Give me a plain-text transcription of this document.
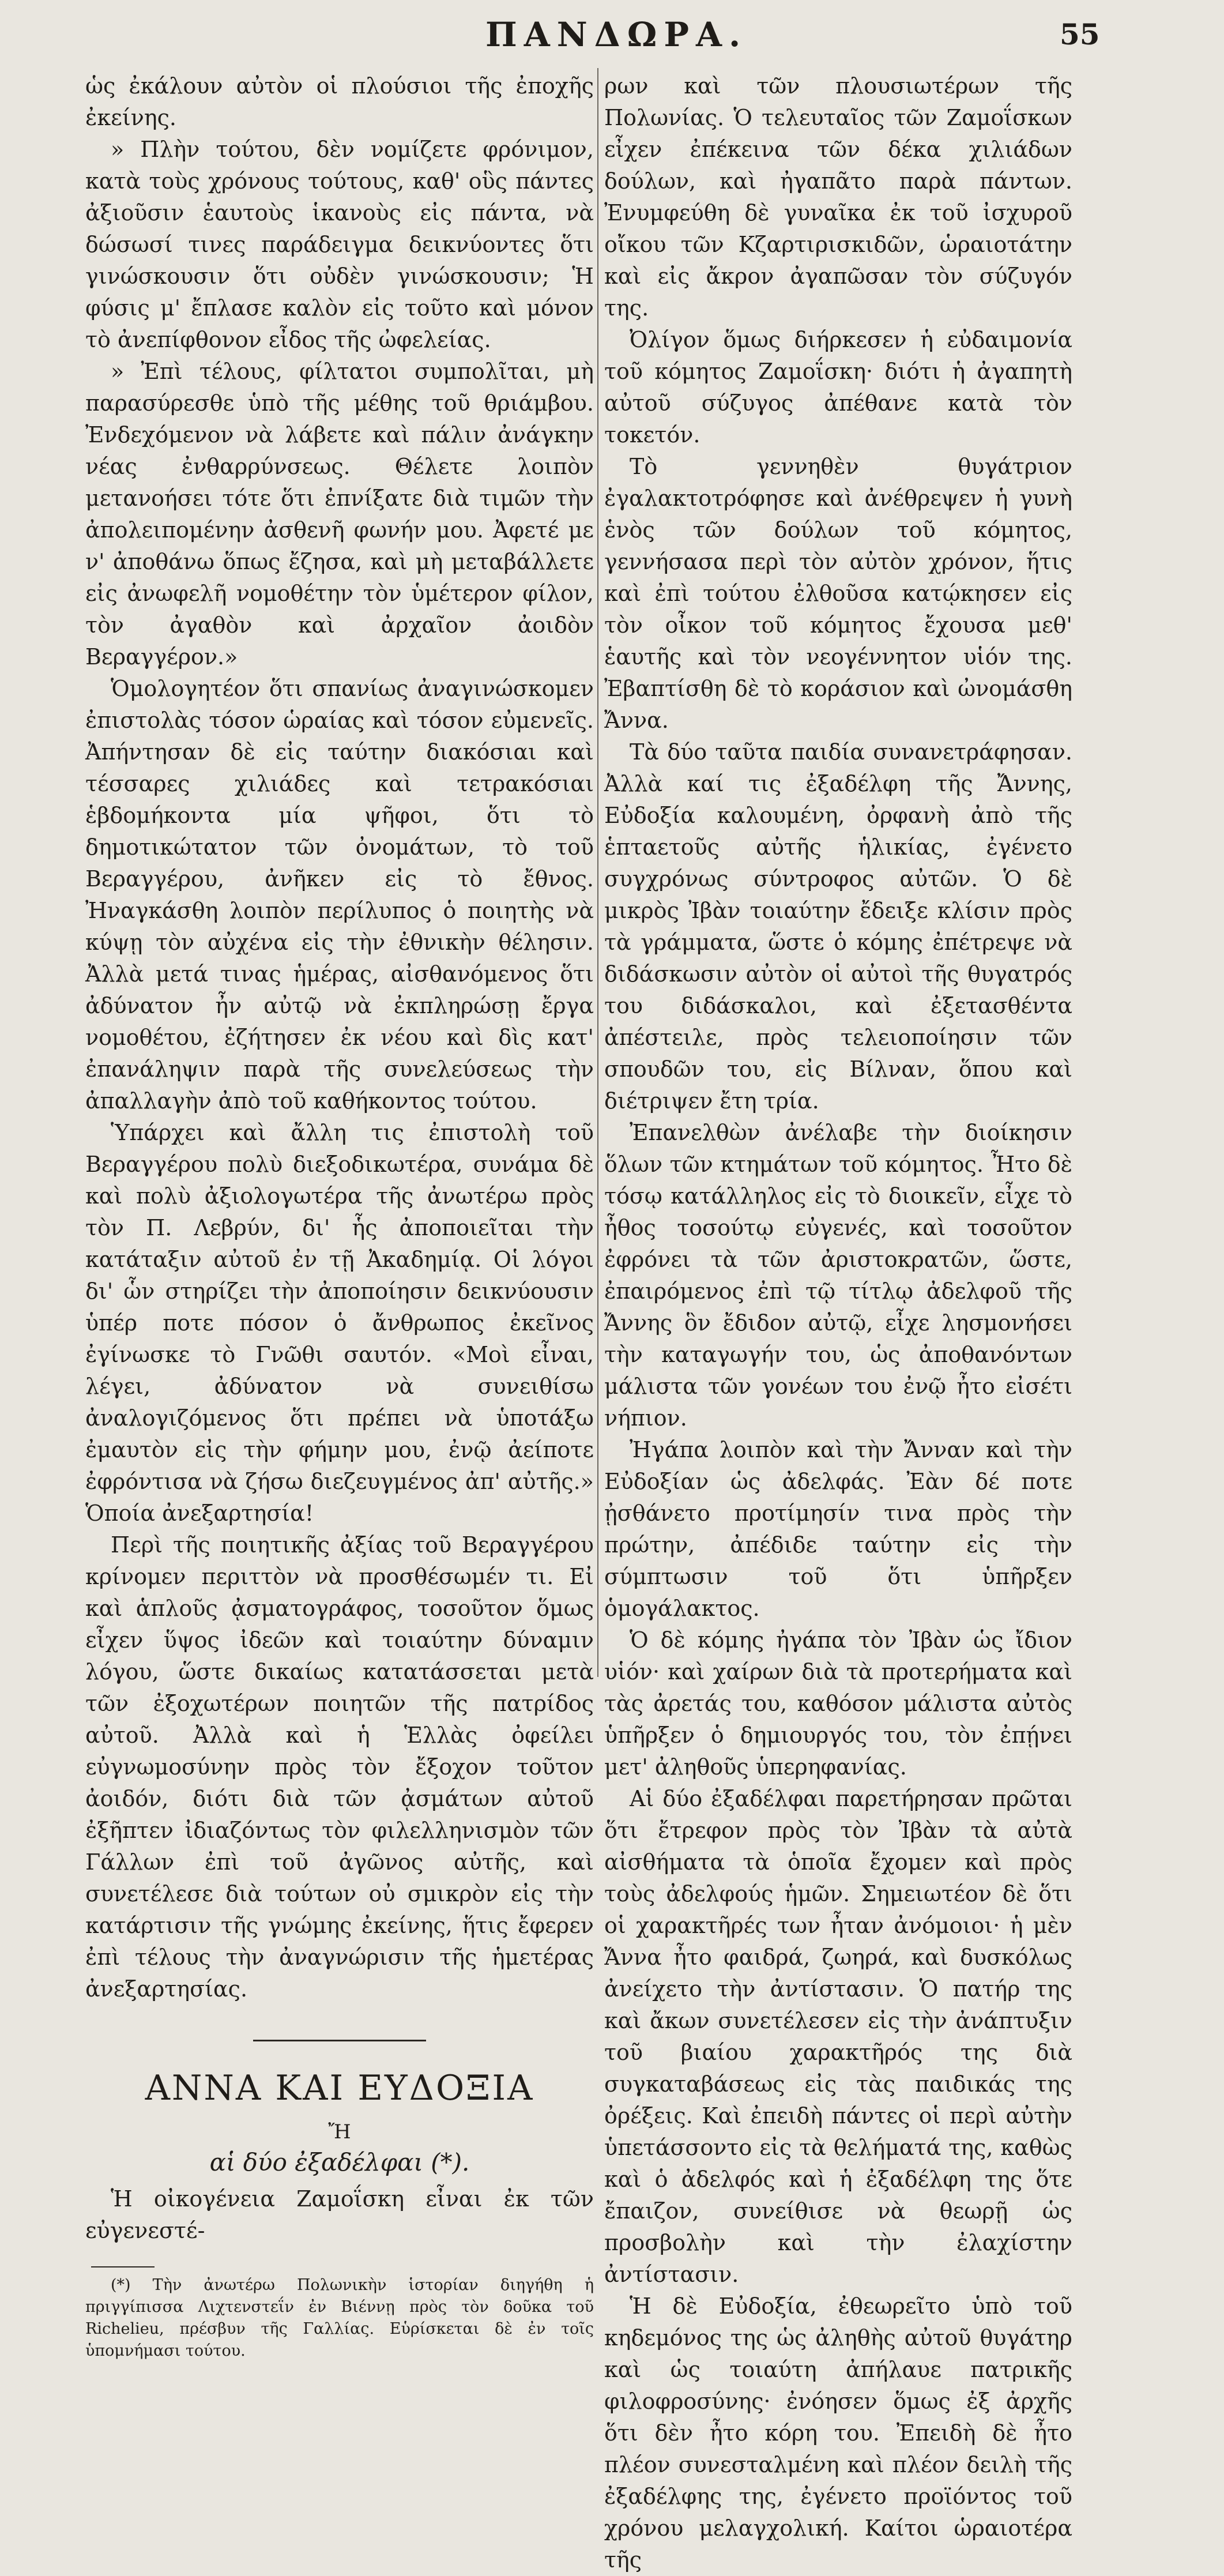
ΠΑΝΔΩΡΑ.	55

ὡς ἐκάλουν αὐτὸν οἱ πλούσιοι τῆς ἐποχῆς ἐκείνης.

» Πλὴν τούτου, δὲν νομίζετε φρόνιμον, κατὰ τοὺς χρόνους τούτους, καθ' οὓς πάντες ἀξιοῦσιν ἑαυτοὺς ἱκανοὺς εἰς πάντα, νὰ δώσωσί τινες παράδειγμα δεικνύοντες ὅτι γινώσκουσιν ὅτι οὐδὲν γινώσκουσιν; Ἡ φύσις μ' ἔπλασε καλὸν εἰς τοῦτο καὶ μόνον τὸ ἀνεπίφθονον εἶδος τῆς ὠφελείας.

» Ἐπὶ τέλους, φίλτατοι συμπολῖται, μὴ παρασύρεσθε ὑπὸ τῆς μέθης τοῦ θριάμβου. Ἐνδεχόμενον νὰ λάβετε καὶ πάλιν ἀνάγκην νέας ἐνθαρρύνσεως. Θέλετε λοιπὸν μετανοήσει τότε ὅτι ἐπνίξατε διὰ τιμῶν τὴν ἀπολειπομένην ἀσθενῆ φωνήν μου. Ἀφετέ με ν' ἀποθάνω ὅπως ἔζησα, καὶ μὴ μεταβάλλετε εἰς ἀνωφελῆ νομοθέτην τὸν ὑμέτερον φίλον, τὸν ἀγαθὸν καὶ ἀρχαῖον ἀοιδὸν Βεραγγέρον.»

Ὁμολογητέον ὅτι σπανίως ἀναγινώσκομεν ἐπιστολὰς τόσον ὡραίας καὶ τόσον εὐμενεῖς. Ἀπήντησαν δὲ εἰς ταύτην διακόσιαι καὶ τέσσαρες χιλιάδες καὶ τετρακόσιαι ἑβδομήκοντα μία ψῆφοι, ὅτι τὸ δημοτικώτατον τῶν ὀνομάτων, τὸ τοῦ Βεραγγέρου, ἀνῆκεν εἰς τὸ ἔθνος. Ἠναγκάσθη λοιπὸν περίλυπος ὁ ποιητὴς νὰ κύψῃ τὸν αὐχένα εἰς τὴν ἐθνικὴν θέλησιν. Ἀλλὰ μετά τινας ἡμέρας, αἰσθανόμενος ὅτι ἀδύνατον ἦν αὐτῷ νὰ ἐκπληρώσῃ ἔργα νομοθέτου, ἐζήτησεν ἐκ νέου καὶ δὶς κατ' ἐπανάληψιν παρὰ τῆς συνελεύσεως τὴν ἀπαλλαγὴν ἀπὸ τοῦ καθήκοντος τούτου.

Ὑπάρχει καὶ ἄλλη τις ἐπιστολὴ τοῦ Βεραγγέρου πολὺ διεξοδικωτέρα, συνάμα δὲ καὶ πολὺ ἀξιολογωτέρα τῆς ἀνωτέρω πρὸς τὸν Π. Λεβρύν, δι' ἧς ἀποποιεῖται τὴν κατάταξιν αὐτοῦ ἐν τῇ Ἀκαδημίᾳ. Οἱ λόγοι δι' ὧν στηρίζει τὴν ἀποποίησιν δεικνύουσιν ὑπέρ ποτε πόσον ὁ ἄνθρωπος ἐκεῖνος ἐγίνωσκε τὸ Γνῶθι σαυτόν. «Μοὶ εἶναι, λέγει, ἀδύνατον νὰ συνειθίσω ἀναλογιζόμενος ὅτι πρέπει νὰ ὑποτάξω ἐμαυτὸν εἰς τὴν φήμην μου, ἐνῷ ἀείποτε ἐφρόντισα νὰ ζήσω διεζευγμένος ἀπ' αὐτῆς.» Ὁποία ἀνεξαρτησία!

Περὶ τῆς ποιητικῆς ἀξίας τοῦ Βεραγγέρου κρίνομεν περιττὸν νὰ προσθέσωμέν τι. Εἰ καὶ ἁπλοῦς ᾀσματογράφος, τοσοῦτον ὅμως εἶχεν ὕψος ἰδεῶν καὶ τοιαύτην δύναμιν λόγου, ὥστε δικαίως κατατάσσεται μετὰ τῶν ἐξοχωτέρων ποιητῶν τῆς πατρίδος αὐτοῦ. Ἀλλὰ καὶ ἡ Ἑλλὰς ὀφείλει εὐγνωμοσύνην πρὸς τὸν ἔξοχον τοῦτον ἀοιδόν, διότι διὰ τῶν ᾀσμάτων αὐτοῦ ἐξῆπτεν ἰδιαζόντως τὸν φιλελληνισμὸν τῶν Γάλλων ἐπὶ τοῦ ἀγῶνος αὐτῆς, καὶ συνετέλεσε διὰ τούτων οὐ σμικρὸν εἰς τὴν κατάρτισιν τῆς γνώμης ἐκείνης, ἥτις ἔφερεν ἐπὶ τέλους τὴν ἀναγνώρισιν τῆς ἡμετέρας ἀνεξαρτησίας.

ΑΝΝΑ ΚΑΙ ΕΥΔΟΞΙΑ
Ἤ
αἱ δύο ἐξαδέλφαι (*).

Ἡ οἰκογένεια Ζαμοΐσκη εἶναι ἐκ τῶν εὐγενεστέ-

(*) Τὴν ἀνωτέρω Πολωνικὴν ἱστορίαν διηγήθη ἡ πριγγίπισσα Λιχτενστεΐν ἐν Βιέννῃ πρὸς τὸν δοῦκα τοῦ Richelieu, πρέσβυν τῆς Γαλλίας. Εὑρίσκεται δὲ ἐν τοῖς ὑπομνήμασι τούτου.

ρων καὶ τῶν πλουσιωτέρων τῆς Πολωνίας. Ὁ τελευταῖος τῶν Ζαμοΐσκων εἶχεν ἐπέκεινα τῶν δέκα χιλιάδων δούλων, καὶ ἠγαπᾶτο παρὰ πάντων. Ἐνυμφεύθη δὲ γυναῖκα ἐκ τοῦ ἰσχυροῦ οἴκου τῶν Κζαρτιρισκιδῶν, ὡραιοτάτην καὶ εἰς ἄκρον ἀγαπῶσαν τὸν σύζυγόν της.

Ὀλίγον ὅμως διήρκεσεν ἡ εὐδαιμονία τοῦ κόμητος Ζαμοΐσκη· διότι ἡ ἀγαπητὴ αὐτοῦ σύζυγος ἀπέθανε κατὰ τὸν τοκετόν.

Τὸ γεννηθὲν θυγάτριον ἐγαλακτοτρόφησε καὶ ἀνέθρεψεν ἡ γυνὴ ἑνὸς τῶν δούλων τοῦ κόμητος, γεννήσασα περὶ τὸν αὐτὸν χρόνον, ἥτις καὶ ἐπὶ τούτου ἐλθοῦσα κατῴκησεν εἰς τὸν οἶκον τοῦ κόμητος ἔχουσα μεθ' ἑαυτῆς καὶ τὸν νεογέννητον υἱόν της. Ἐβαπτίσθη δὲ τὸ κοράσιον καὶ ὠνομάσθη Ἄννα.

Τὰ δύο ταῦτα παιδία συνανετράφησαν. Ἀλλὰ καί τις ἐξαδέλφη τῆς Ἄννης, Εὐδοξία καλουμένη, ὀρφανὴ ἀπὸ τῆς ἑπταετοῦς αὐτῆς ἡλικίας, ἐγένετο συγχρόνως σύντροφος αὐτῶν. Ὁ δὲ μικρὸς Ἰβὰν τοιαύτην ἔδειξε κλίσιν πρὸς τὰ γράμματα, ὥστε ὁ κόμης ἐπέτρεψε νὰ διδάσκωσιν αὐτὸν οἱ αὐτοὶ τῆς θυγατρός του διδάσκαλοι, καὶ ἐξετασθέντα ἀπέστειλε, πρὸς τελειοποίησιν τῶν σπουδῶν του, εἰς Βίλναν, ὅπου καὶ διέτριψεν ἔτη τρία.

Ἐπανελθὼν ἀνέλαβε τὴν διοίκησιν ὅλων τῶν κτημάτων τοῦ κόμητος. Ἦτο δὲ τόσῳ κατάλληλος εἰς τὸ διοικεῖν, εἶχε τὸ ἦθος τοσούτῳ εὐγενές, καὶ τοσοῦτον ἐφρόνει τὰ τῶν ἀριστοκρατῶν, ὥστε, ἐπαιρόμενος ἐπὶ τῷ τίτλῳ ἀδελφοῦ τῆς Ἄννης ὃν ἔδιδον αὐτῷ, εἶχε λησμονήσει τὴν καταγωγήν του, ὡς ἀποθανόντων μάλιστα τῶν γονέων του ἐνῷ ἦτο εἰσέτι νήπιον.

Ἠγάπα λοιπὸν καὶ τὴν Ἄνναν καὶ τὴν Εὐδοξίαν ὡς ἀδελφάς. Ἐὰν δέ ποτε ᾐσθάνετο προτίμησίν τινα πρὸς τὴν πρώτην, ἀπέδιδε ταύτην εἰς τὴν σύμπτωσιν τοῦ ὅτι ὑπῆρξεν ὁμογάλακτος.

Ὁ δὲ κόμης ἠγάπα τὸν Ἰβὰν ὡς ἴδιον υἱόν· καὶ χαίρων διὰ τὰ προτερήματα καὶ τὰς ἀρετάς του, καθόσον μάλιστα αὐτὸς ὑπῆρξεν ὁ δημιουργός του, τὸν ἐπῄνει μετ' ἀληθοῦς ὑπερηφανίας.

Αἱ δύο ἐξαδέλφαι παρετήρησαν πρῶται ὅτι ἔτρεφον πρὸς τὸν Ἰβὰν τὰ αὐτὰ αἰσθήματα τὰ ὁποῖα ἔχομεν καὶ πρὸς τοὺς ἀδελφούς ἡμῶν. Σημειωτέον δὲ ὅτι οἱ χαρακτῆρές των ἦταν ἀνόμοιοι· ἡ μὲν Ἄννα ἦτο φαιδρά, ζωηρά, καὶ δυσκόλως ἀνείχετο τὴν ἀντίστασιν. Ὁ πατήρ της καὶ ἄκων συνετέλεσεν εἰς τὴν ἀνάπτυξιν τοῦ βιαίου χαρακτῆρός της διὰ συγκαταβάσεως εἰς τὰς παιδικάς της ὀρέξεις. Καὶ ἐπειδὴ πάντες οἱ περὶ αὐτὴν ὑπετάσσοντο εἰς τὰ θελήματά της, καθὼς καὶ ὁ ἀδελφός καὶ ἡ ἐξαδέλφη της ὅτε ἔπαιζον, συνείθισε νὰ θεωρῇ ὡς προσβολὴν καὶ τὴν ἐλαχίστην ἀντίστασιν.

Ἡ δὲ Εὐδοξία, ἐθεωρεῖτο ὑπὸ τοῦ κηδεμόνος της ὡς ἀληθὴς αὐτοῦ θυγάτηρ καὶ ὡς τοιαύτη ἀπήλαυε πατρικῆς φιλοφροσύνης· ἐνόησεν ὅμως ἐξ ἀρχῆς ὅτι δὲν ἦτο κόρη του. Ἐπειδὴ δὲ ἦτο πλέον συνεσταλμένη καὶ πλέον δειλὴ τῆς ἐξαδέλφης της, ἐγένετο προϊόντος τοῦ χρόνου μελαγχολική. Καίτοι ὡραιοτέρα τῆς
